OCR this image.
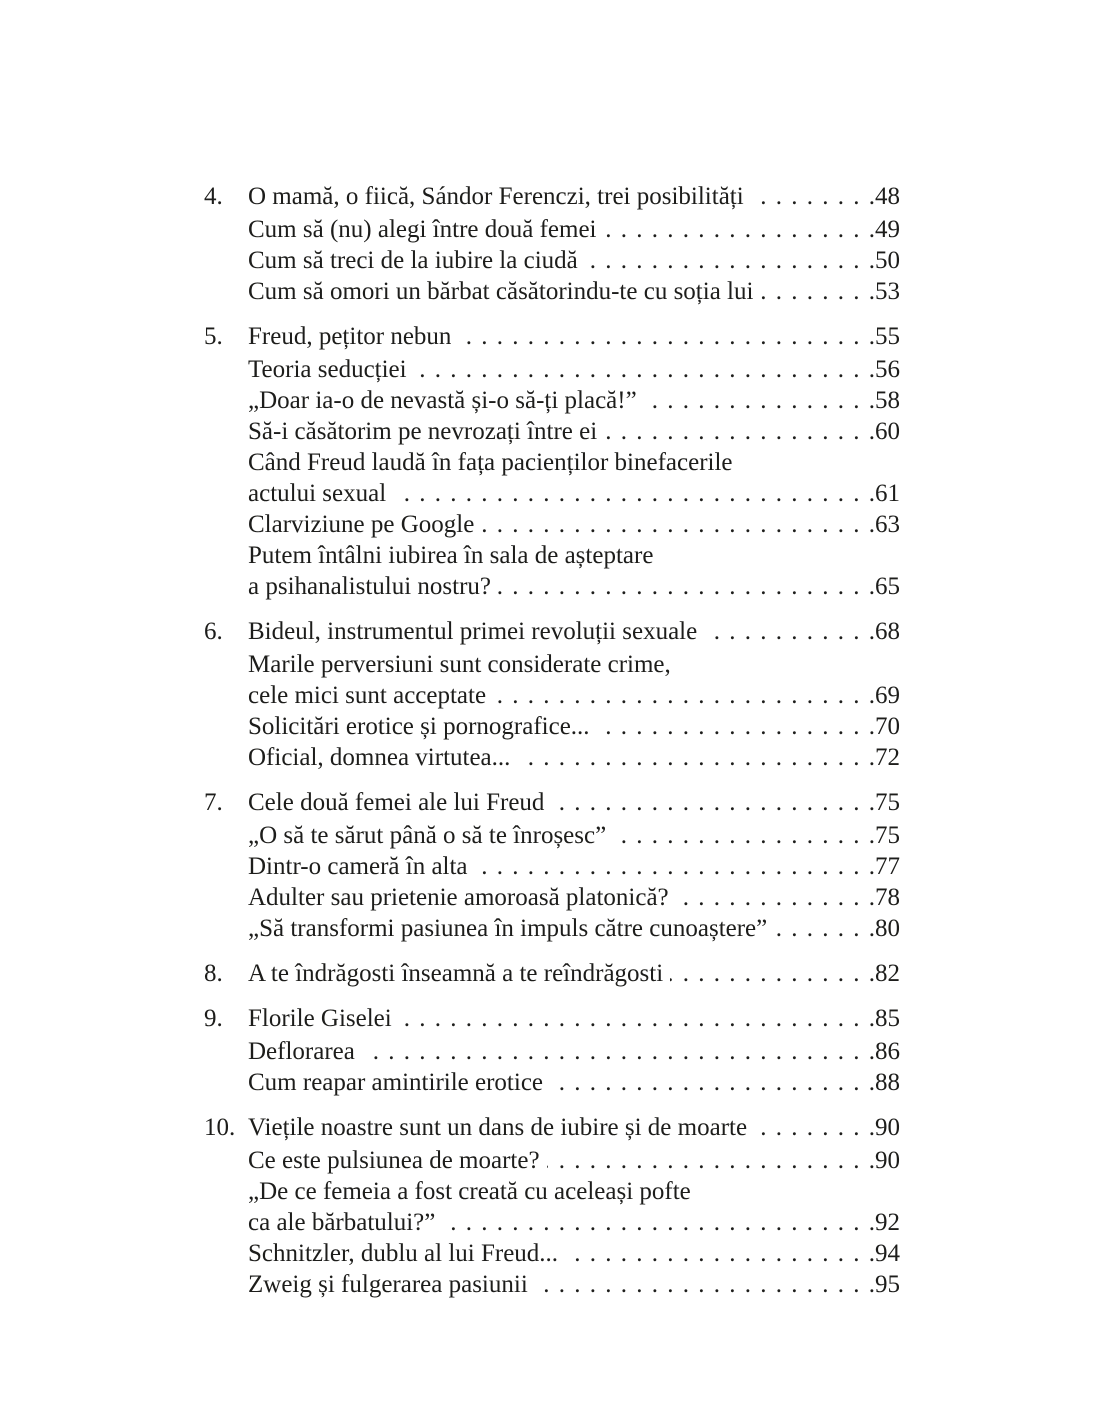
4.	O mamă, o fiică, Sándor Ferenczi, trei posibilități . . .	48
Cum să (nu) alegi între două femei . . .	49
Cum să treci de la iubire la ciudă . . .	50
Cum să omori un bărbat căsătorindu-te cu soția lui . . .	53
5.	Freud, pețitor nebun . . .	55
Teoria seducției . . .	56
„Doar ia-o de nevastă și-o să-ți placă!” . . .	58
Să-i căsătorim pe nevrozați între ei . . .	60
Când Freud laudă în fața pacienților binefacerile
actului sexual . . .	61
Clarviziune pe Google . . .	63
Putem întâlni iubirea în sala de așteptare
a psihanalistului nostru? . . .	65
6.	Bideul, instrumentul primei revoluții sexuale . . .	68
Marile perversiuni sunt considerate crime,
cele mici sunt acceptate . . .	69
Solicitări erotice și pornografice... . . .	70
Oficial, domnea virtutea... . . .	72
7.	Cele două femei ale lui Freud . . .	75
„O să te sărut până o să te înroșesc” . . .	75
Dintr-o cameră în alta . . .	77
Adulter sau prietenie amoroasă platonică? . . .	78
„Să transformi pasiunea în impuls către cunoaștere” . . .	80
8.	A te îndrăgosti înseamnă a te reîndrăgosti . . .	82
9.	Florile Giselei . . .	85
Deflorarea . . .	86
Cum reapar amintirile erotice . . .	88
10. Viețile noastre sunt un dans de iubire și de moarte . . .	90
Ce este pulsiunea de moarte? . . .	90
„De ce femeia a fost creată cu aceleași pofte
ca ale bărbatului?” . . .	92
Schnitzler, dublu al lui Freud... . . .	94
Zweig și fulgerarea pasiunii . . .	95
